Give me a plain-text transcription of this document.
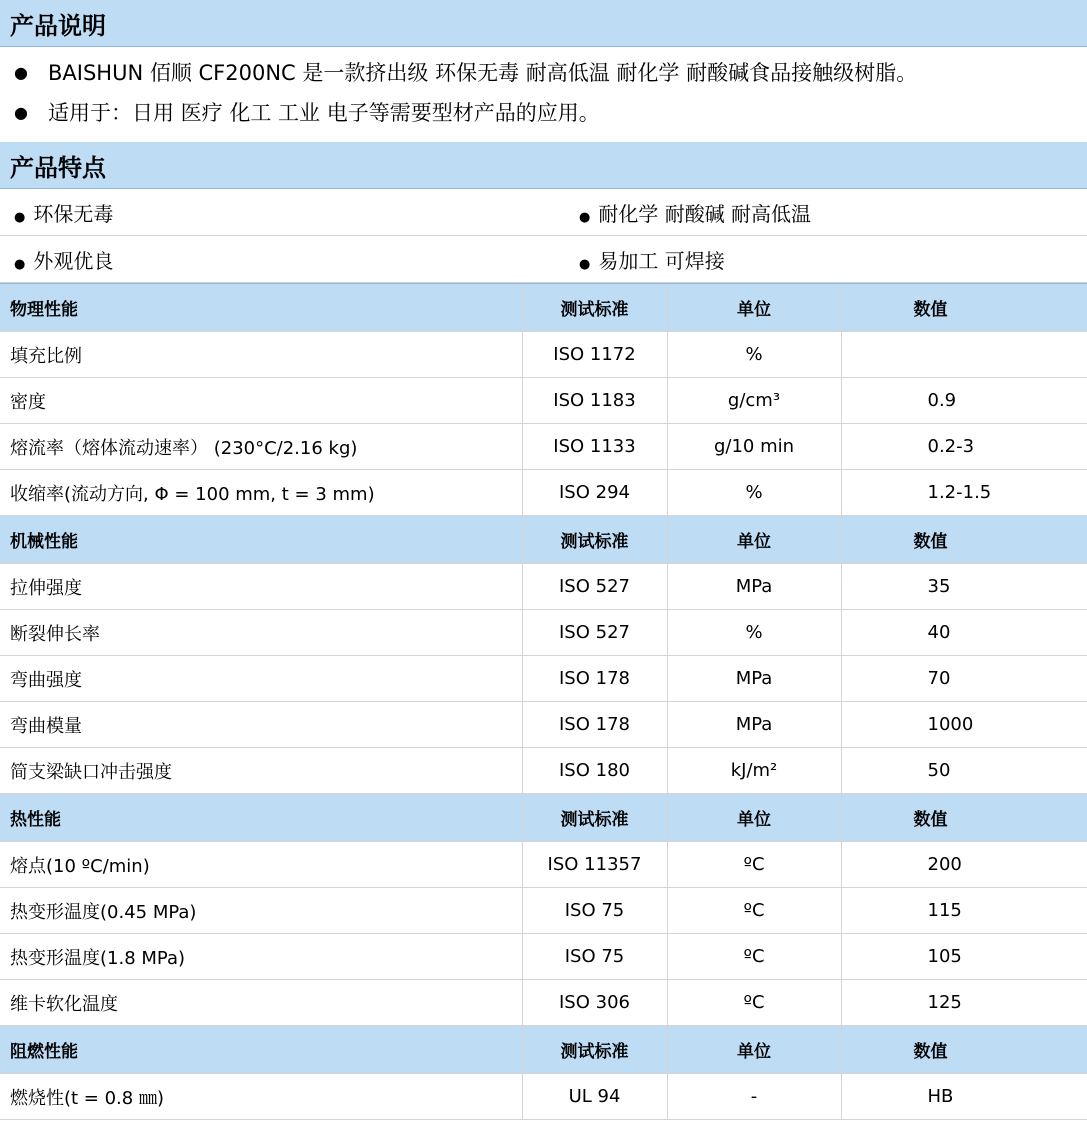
产品说明
● BAISHUN 佰顺 CF200NC 是一款挤出级 环保无毒 耐高低温 耐化学 耐酸碱食品接触级树脂。
● 适用于：日用 医疗 化工 工业 电子等需要型材产品的应用。
产品特点
● 环保无毒	● 耐化学 耐酸碱 耐高低温
● 外观优良	● 易加工 可焊接
物理性能	测试标准	单位	数值
填充比例	ISO 1172	%	
密度	ISO 1183	g/cm³	0.9
熔流率（熔体流动速率） (230°C/2.16 kg)	ISO 1133	g/10 min	0.2-3
收缩率(流动方向, Φ = 100 mm, t = 3 mm)	ISO 294	%	1.2-1.5
机械性能	测试标准	单位	数值
拉伸强度	ISO 527	MPa	35
断裂伸长率	ISO 527	%	40
弯曲强度	ISO 178	MPa	70
弯曲模量	ISO 178	MPa	1000
简支梁缺口冲击强度	ISO 180	kJ/m²	50
热性能	测试标准	单位	数值
熔点(10 ºC/min)	ISO 11357	ºC	200
热变形温度(0.45 MPa)	ISO 75	ºC	115
热变形温度(1.8 MPa)	ISO 75	ºC	105
维卡软化温度	ISO 306	ºC	125
阻燃性能	测试标准	单位	数值
燃烧性(t = 0.8 ㎜)	UL 94	-	HB
